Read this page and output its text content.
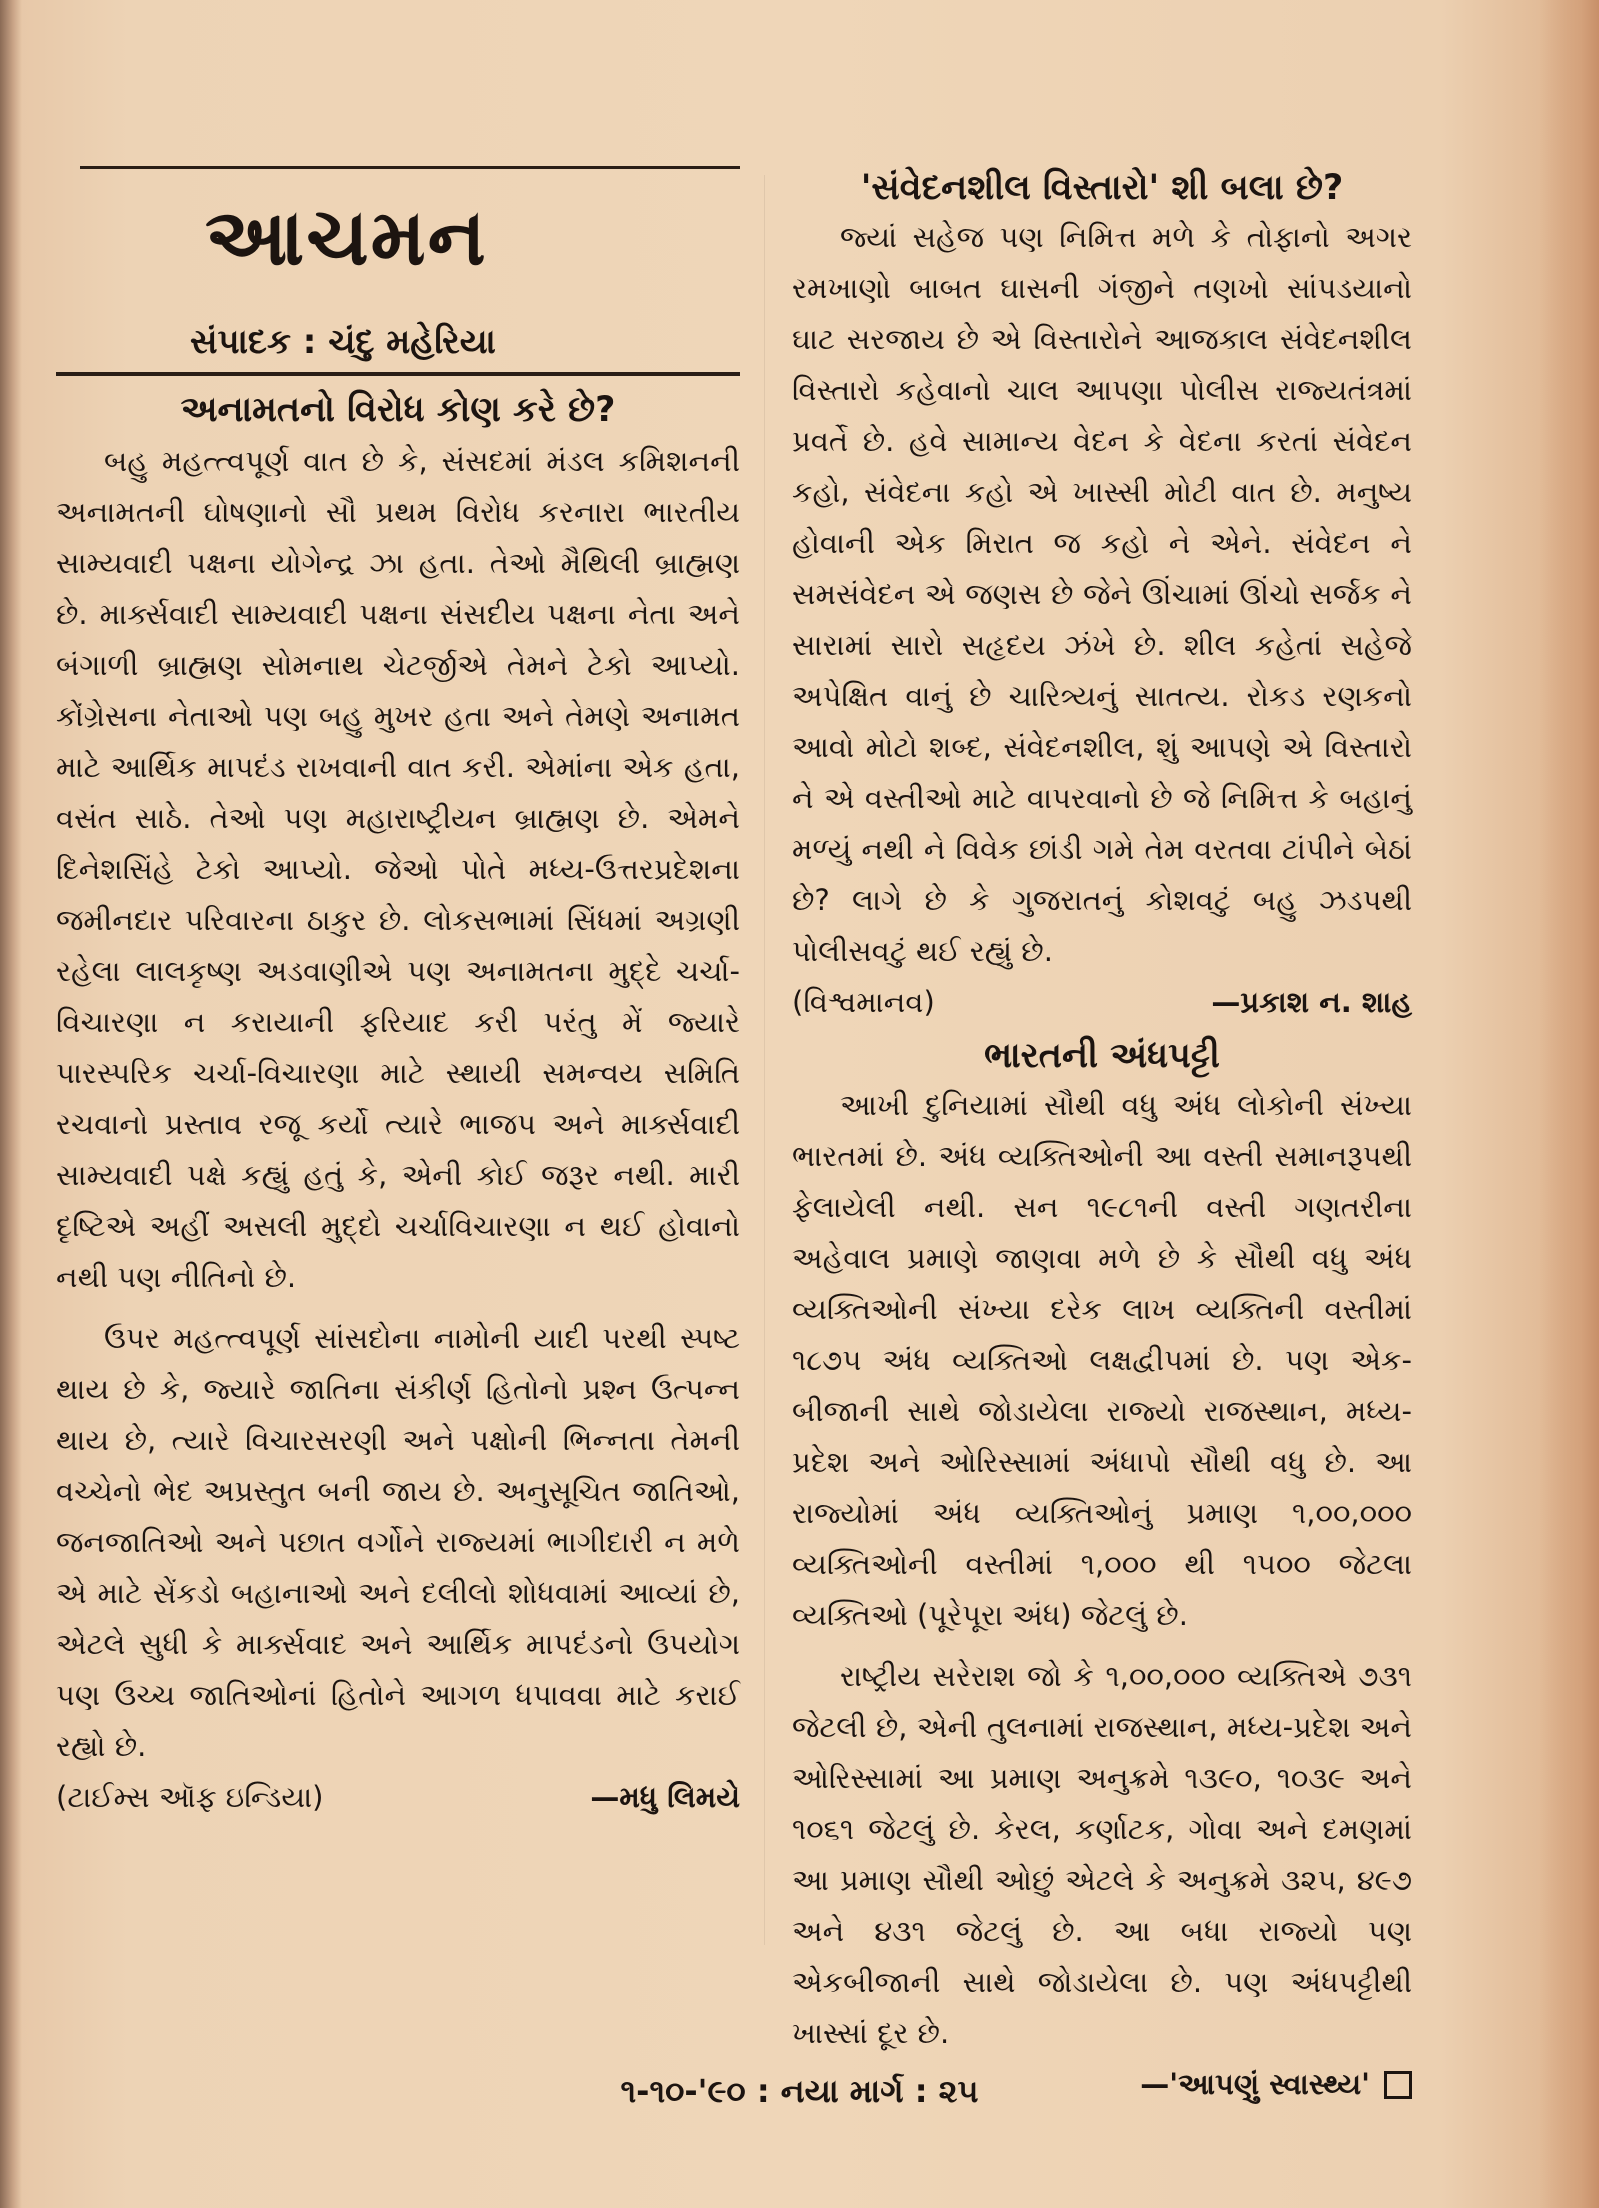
આચમન
સંપાદક : ચંદુ મહેરિયા
અનામતનો વિરોધ કોણ કરે છે?

બહુ મહત્ત્વપૂર્ણ વાત છે કે, સંસદમાં મંડલ કમિશનની અનામતની ઘોષણાનો સૌ પ્રથમ વિરોધ કરનારા ભારતીય સામ્યવાદી પક્ષના યોગેન્દ્ર ઝા હતા. તેઓ મૈથિલી બ્રાહ્મણ છે. માર્ક્સવાદી સામ્યવાદી પક્ષના સંસદીય પક્ષના નેતા અને બંગાળી બ્રાહ્મણ સોમનાથ ચેટર્જીએ તેમને ટેકો આપ્યો. કોંગ્રેસના નેતાઓ પણ બહુ મુખર હતા અને તેમણે અનામત માટે આર્થિક માપદંડ રાખવાની વાત કરી. એમાંના એક હતા, વસંત સાઠે. તેઓ પણ મહારાષ્ટ્રીયન બ્રાહ્મણ છે. એમને દિનેશસિંહે ટેકો આપ્યો. જેઓ પોતે મધ્ય-ઉત્તરપ્રદેશના જમીનદાર પરિવારના ઠાકુર છે. લોકસભામાં સિંધમાં અગ્રણી રહેલા લાલકૃષ્ણ અડવાણીએ પણ અનામતના મુદ્દે ચર્ચા-વિચારણા ન કરાયાની ફરિયાદ કરી પરંતુ મેં જ્યારે પારસ્પરિક ચર્ચા-વિચારણા માટે સ્થાયી સમન્વય સમિતિ રચવાનો પ્રસ્તાવ રજૂ કર્યો ત્યારે ભાજપ અને માર્ક્સવાદી સામ્યવાદી પક્ષે કહ્યું હતું કે, એની કોઈ જરૂર નથી. મારી દૃષ્ટિએ અહીં અસલી મુદ્દો ચર્ચાવિચારણા ન થઈ હોવાનો નથી પણ નીતિનો છે.

ઉપર મહત્ત્વપૂર્ણ સાંસદોના નામોની યાદી પરથી સ્પષ્ટ થાય છે કે, જ્યારે જાતિના સંકીર્ણ હિતોનો પ્રશ્ન ઉત્પન્ન થાય છે, ત્યારે વિચારસરણી અને પક્ષોની ભિન્નતા તેમની વચ્ચેનો ભેદ અપ્રસ્તુત બની જાય છે. અનુસૂચિત જાતિઓ, જનજાતિઓ અને પછાત વર્ગોને રાજ્યમાં ભાગીદારી ન મળે એ માટે સેંકડો બહાનાઓ અને દલીલો શોધવામાં આવ્યાં છે, એટલે સુધી કે માર્ક્સવાદ અને આર્થિક માપદંડનો ઉપયોગ પણ ઉચ્ચ જાતિઓનાં હિતોને આગળ ધપાવવા માટે કરાઈ રહ્યો છે.

(ટાઈમ્સ ઑફ ઇન્ડિયા)	—મધુ લિમયે
'સંવેદનશીલ વિસ્તારો' શી બલા છે?

જ્યાં સહેજ પણ નિમિત્ત મળે કે તોફાનો અગર રમખાણો બાબત ઘાસની ગંજીને તણખો સાંપડયાનો ઘાટ સરજાય છે એ વિસ્તારોને આજકાલ સંવેદનશીલ વિસ્તારો કહેવાનો ચાલ આપણા પોલીસ રાજ્યતંત્રમાં પ્રવર્તે છે. હવે સામાન્ય વેદન કે વેદના કરતાં સંવેદન કહો, સંવેદના કહો એ ખાસ્સી મોટી વાત છે. મનુષ્ય હોવાની એક મિરાત જ કહો ને એને. સંવેદન ને સમસંવેદન એ જણસ છે જેને ઊંચામાં ઊંચો સર્જક ને સારામાં સારો સહૃદય ઝંખે છે. શીલ કહેતાં સહેજે અપેક્ષિત વાનું છે ચારિત્ર્યનું સાતત્ય. રોકડ રણકનો આવો મોટો શબ્દ, સંવેદનશીલ, શું આપણે એ વિસ્તારો ને એ વસ્તીઓ માટે વાપરવાનો છે જે નિમિત્ત કે બહાનું મળ્યું નથી ને વિવેક છાંડી ગમે તેમ વરતવા ટાંપીને બેઠાં છે? લાગે છે કે ગુજરાતનું કોશવટું બહુ ઝડપથી પોલીસવટું થઈ રહ્યું છે.

(વિશ્વમાનવ)	—પ્રકાશ ન. શાહ
ભારતની અંધપટ્ટી

આખી દુનિયામાં સૌથી વધુ અંધ લોકોની સંખ્યા ભારતમાં છે. અંધ વ્યક્તિઓની આ વસ્તી સમાનરૂપથી ફેલાયેલી નથી. સન ૧૯૮૧ની વસ્તી ગણતરીના અહેવાલ પ્રમાણે જાણવા મળે છે કે સૌથી વધુ અંધ વ્યક્તિઓની સંખ્યા દરેક લાખ વ્યક્તિની વસ્તીમાં ૧૮૭૫ અંધ વ્યક્તિઓ લક્ષદ્વીપમાં છે. પણ એક-બીજાની સાથે જોડાયેલા રાજ્યો રાજસ્થાન, મધ્ય-પ્રદેશ અને ઓરિસ્સામાં અંધાપો સૌથી વધુ છે. આ રાજ્યોમાં અંધ વ્યક્તિઓનું પ્રમાણ ૧,૦૦,૦૦૦ વ્યક્તિઓની વસ્તીમાં ૧,૦૦૦ થી ૧૫૦૦ જેટલા વ્યક્તિઓ (પૂરેપૂરા અંધ) જેટલું છે.

રાષ્ટ્રીય સરેરાશ જો કે ૧,૦૦,૦૦૦ વ્યક્તિએ ૭૩૧ જેટલી છે, એની તુલનામાં રાજસ્થાન, મધ્ય-પ્રદેશ અને ઓરિસ્સામાં આ પ્રમાણ અનુક્રમે ૧૩૯૦, ૧૦૩૯ અને ૧૦૬૧ જેટલું છે. કેરલ, કર્ણાટક, ગોવા અને દમણમાં આ પ્રમાણ સૌથી ઓછું એટલે કે અનુક્રમે ૩૨૫, ૪૯૭ અને ૪૩૧ જેટલું છે. આ બધા રાજ્યો પણ એકબીજાની સાથે જોડાયેલા છે. પણ અંધપટ્ટીથી ખાસ્સાં દૂર છે.

—'આપણું સ્વાસ્થ્ય'
૧-૧૦-'૯૦ : નયા માર્ગ : ૨૫
